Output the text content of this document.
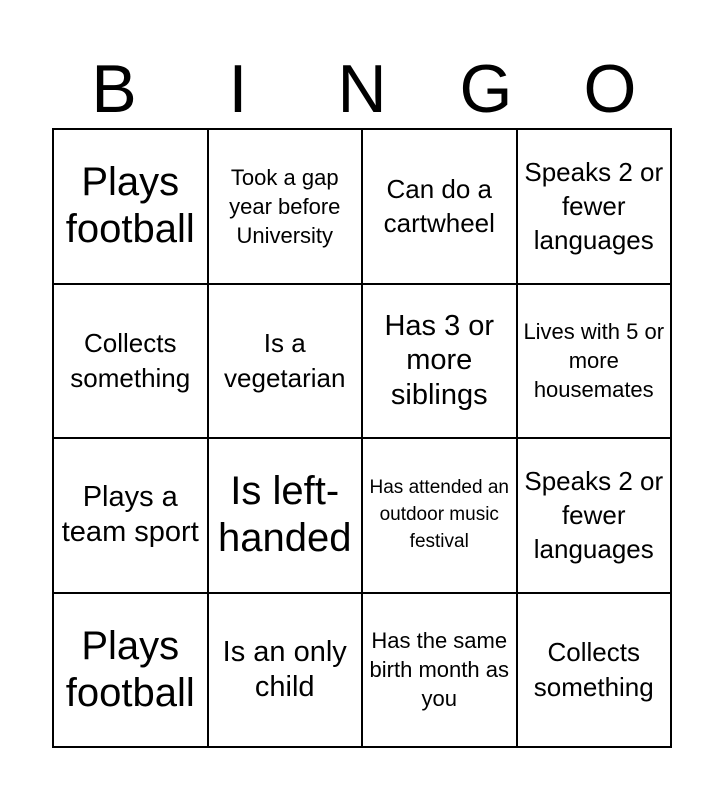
B	I	N	G	O
Plays football
Took a gap year before University
Can do a cartwheel
Speaks 2 or fewer languages
Collects something
Is a vegetarian
Has 3 or more siblings
Lives with 5 or more housemates
Plays a team sport
Is left-handed
Has attended an outdoor music festival
Speaks 2 or fewer languages
Plays football
Is an only child
Has the same birth month as you
Collects something
